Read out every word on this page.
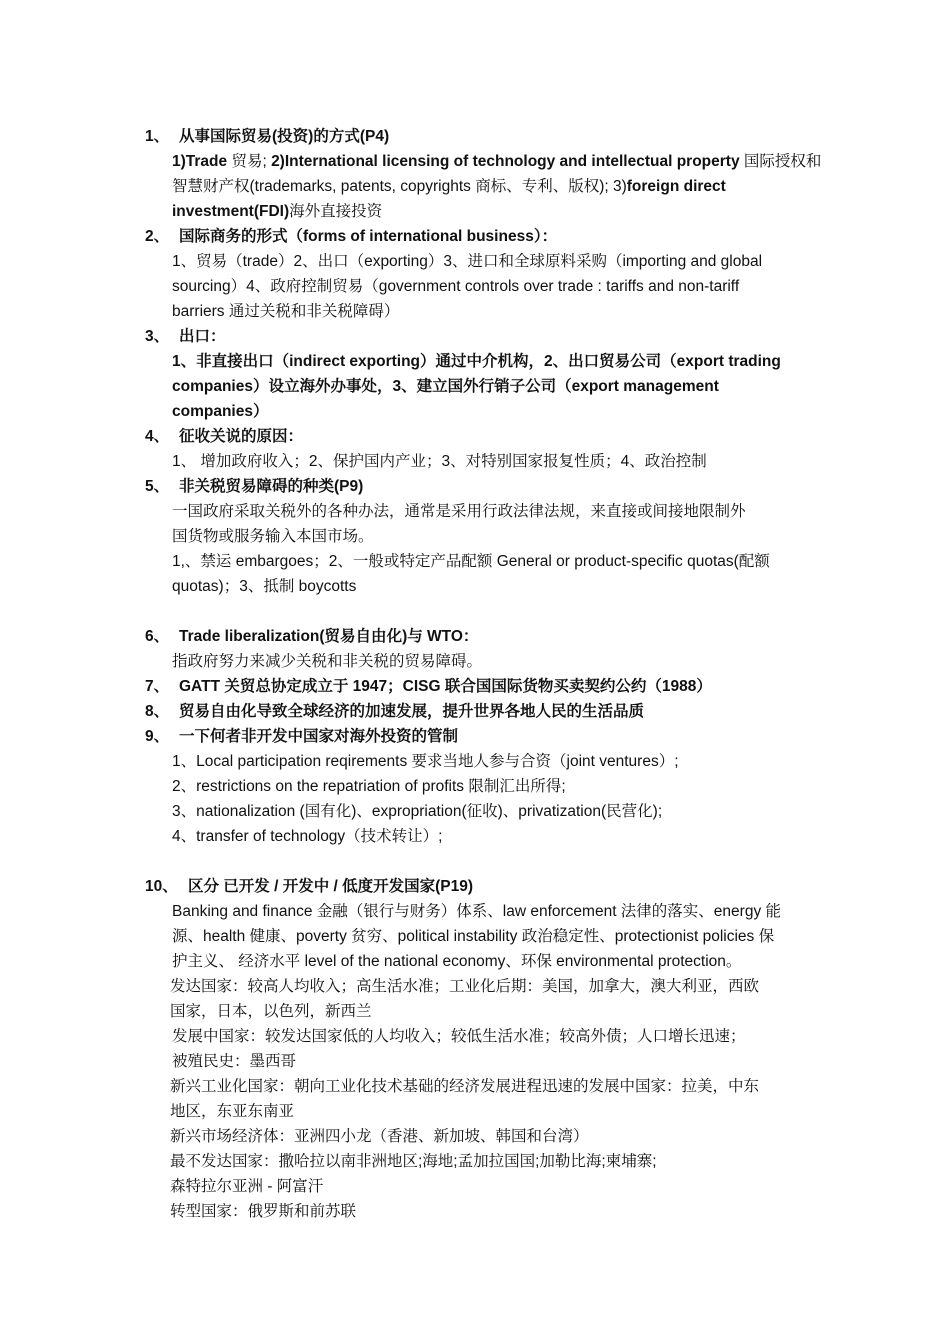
1、 从事国际贸易(投资)的方式(P4)
1)Trade 贸易; 2)International licensing of technology and intellectual property 国际授权和
智慧财产权(trademarks, patents, copyrights 商标、专利、版权); 3)foreign direct
investment(FDI)海外直接投资
2、 国际商务的形式（forms of international business）：
1、贸易（trade）2、出口（exporting）3、进口和全球原料采购（importing and global
sourcing）4、政府控制贸易（government controls over trade : tariffs and non-tariff
barriers 通过关税和非关税障碍）
3、 出口：
1、非直接出口（indirect exporting）通过中介机构，2、出口贸易公司（export trading
companies）设立海外办事处，3、建立国外行销子公司（export management
companies）
4、 征收关说的原因：
1、 增加政府收入；2、保护国内产业；3、对特别国家报复性质；4、政治控制
5、 非关税贸易障碍的种类(P9)
一国政府采取关税外的各种办法，通常是采用行政法律法规，来直接或间接地限制外
国货物或服务输入本国市场。
1,、禁运 embargoes；2、一般或特定产品配额 General or product-specific quotas(配额
quotas)；3、抵制 boycotts
6、 Trade liberalization(贸易自由化)与 WTO：
指政府努力来减少关税和非关税的贸易障碍。
7、 GATT 关贸总协定成立于 1947；CISG 联合国国际货物买卖契约公约（1988）
8、 贸易自由化导致全球经济的加速发展，提升世界各地人民的生活品质
9、 一下何者非开发中国家对海外投资的管制
1、Local participation reqirements 要求当地人参与合资（joint ventures）;
2、restrictions on the repatriation of profits 限制汇出所得;
3、nationalization (国有化)、expropriation(征收)、privatization(民营化);
4、transfer of technology（技术转让）;
10、 区分 已开发 / 开发中 / 低度开发国家(P19)
Banking and finance 金融（银行与财务）体系、law enforcement 法律的落实、energy 能
源、health 健康、poverty 贫穷、political instability 政治稳定性、protectionist policies 保
护主义、 经济水平 level of the national economy、环保 environmental protection。
发达国家：较高人均收入；高生活水准；工业化后期：美国，加拿大，澳大利亚，西欧
国家，日本，以色列，新西兰
发展中国家：较发达国家低的人均收入；较低生活水准；较高外债；人口增长迅速；
被殖民史：墨西哥
新兴工业化国家：朝向工业化技术基础的经济发展进程迅速的发展中国家：拉美，中东
地区，东亚东南亚
新兴市场经济体：亚洲四小龙（香港、新加坡、韩国和台湾）
最不发达国家：撒哈拉以南非洲地区;海地;孟加拉国国;加勒比海;柬埔寨;
森特拉尔亚洲 - 阿富汗
转型国家：俄罗斯和前苏联
